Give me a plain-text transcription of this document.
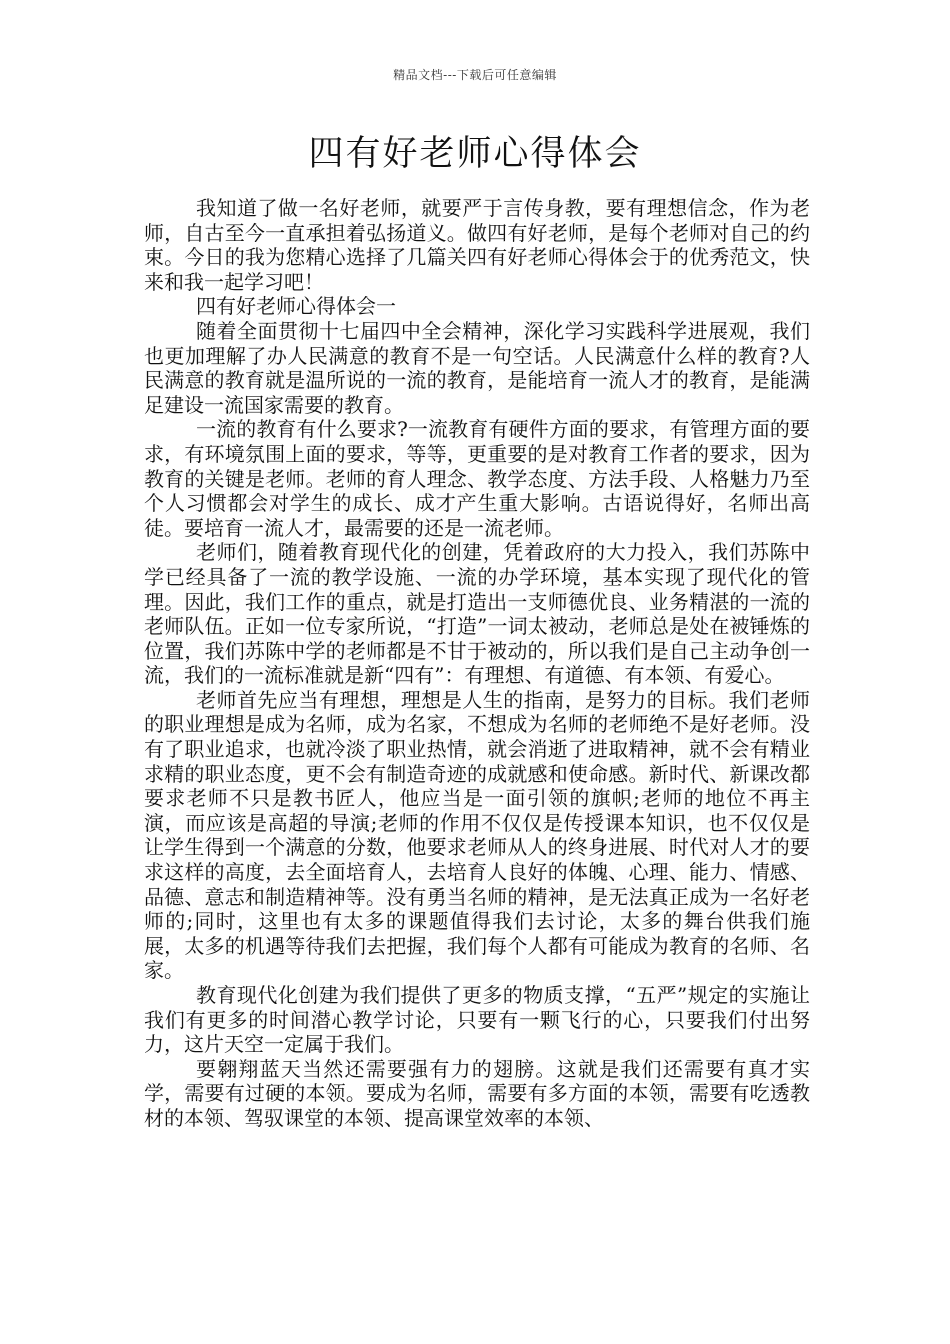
精品文档---下载后可任意编辑
四有好老师心得体会

我知道了做一名好老师，就要严于言传身教，要有理想信念，作为老师，自古至今一直承担着弘扬道义。做四有好老师，是每个老师对自己的约束。今日的我为您精心选择了几篇关四有好老师心得体会于的优秀范文，快来和我一起学习吧！

四有好老师心得体会一

随着全面贯彻十七届四中全会精神，深化学习实践科学进展观，我们也更加理解了办人民满意的教育不是一句空话。人民满意什么样的教育?人民满意的教育就是温所说的一流的教育，是能培育一流人才的教育，是能满足建设一流国家需要的教育。

一流的教育有什么要求?一流教育有硬件方面的要求，有管理方面的要求，有环境氛围上面的要求，等等，更重要的是对教育工作者的要求，因为教育的关键是老师。老师的育人理念、教学态度、方法手段、人格魅力乃至个人习惯都会对学生的成长、成才产生重大影响。古语说得好，名师出高徒。要培育一流人才，最需要的还是一流老师。

老师们，随着教育现代化的创建，凭着政府的大力投入，我们苏陈中学已经具备了一流的教学设施、一流的办学环境，基本实现了现代化的管理。因此，我们工作的重点，就是打造出一支师德优良、业务精湛的一流的老师队伍。正如一位专家所说，“打造”一词太被动，老师总是处在被锤炼的位置，我们苏陈中学的老师都是不甘于被动的，所以我们是自己主动争创一流，我们的一流标准就是新“四有”：有理想、有道德、有本领、有爱心。

老师首先应当有理想，理想是人生的指南，是努力的目标。我们老师的职业理想是成为名师，成为名家，不想成为名师的老师绝不是好老师。没有了职业追求，也就冷淡了职业热情，就会消逝了进取精神，就不会有精业求精的职业态度，更不会有制造奇迹的成就感和使命感。新时代、新课改都要求老师不只是教书匠人，他应当是一面引领的旗帜;老师的地位不再主演，而应该是高超的导演;老师的作用不仅仅是传授课本知识，也不仅仅是让学生得到一个满意的分数，他要求老师从人的终身进展、时代对人才的要求这样的高度，去全面培育人，去培育人良好的体魄、心理、能力、情感、品德、意志和制造精神等。没有勇当名师的精神，是无法真正成为一名好老师的;同时，这里也有太多的课题值得我们去讨论，太多的舞台供我们施展，太多的机遇等待我们去把握，我们每个人都有可能成为教育的名师、名家。

教育现代化创建为我们提供了更多的物质支撑，“五严”规定的实施让我们有更多的时间潜心教学讨论，只要有一颗飞行的心，只要我们付出努力，这片天空一定属于我们。

要翱翔蓝天当然还需要强有力的翅膀。这就是我们还需要有真才实学，需要有过硬的本领。要成为名师，需要有多方面的本领，需要有吃透教材的本领、驾驭课堂的本领、提高课堂效率的本领、
